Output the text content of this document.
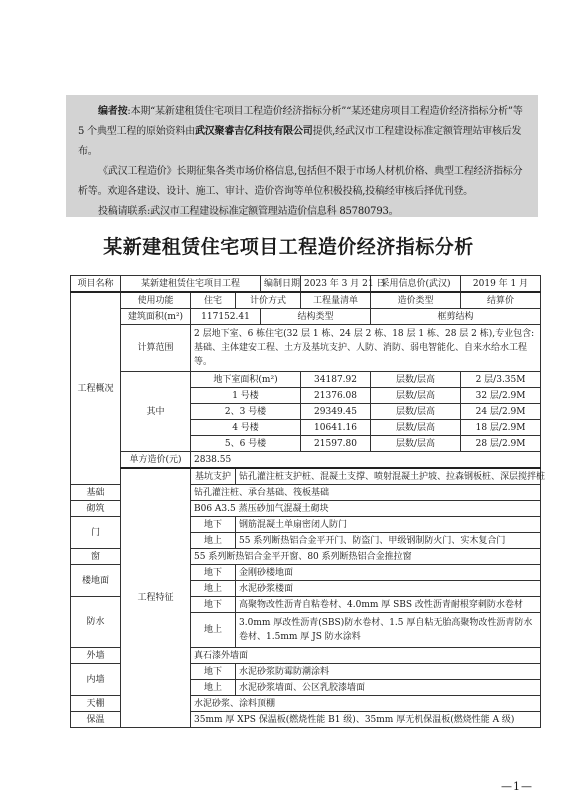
编者按:本期“某新建租赁住宅项目工程造价经济指标分析”“某还建房项目工程造价经济指标分析”等 5 个典型工程的原始资料由武汉聚睿吉亿科技有限公司提供,经武汉市工程建设标准定额管理站审核后发布。

《武汉工程造价》长期征集各类市场价格信息,包括但不限于市场人材机价格、典型工程经济指标分析等。欢迎各建设、设计、施工、审计、造价咨询等单位积极投稿,投稿经审核后择优刊登。

投稿请联系:武汉市工程建设标准定额管理站造价信息科 85780793。

某新建租赁住宅项目工程造价经济指标分析
项目名称	某新建租赁住宅项目工程			编制日期	2023 年 3 月 21 日	采用信息价(武汉)	2019 年 1 月
工程概况	使用功能	住宅	计价方式		工程量清单	造价类型	结算价
	建筑面积(m²)	117152.41		结构类型		框剪结构	
	计算范围	2 层地下室、6 栋住宅(32 层 1 栋、24 层 2 栋、18 层 1 栋、28 层 2 栋),专业包含:基础、主体建安工程、土方及基坑支护、人防、消防、弱电智能化、自来水给水工程等。					
	其中	地下室面积(m²)			34187.92	层数/层高	2 层/3.35M
		1 号楼			21376.08	层数/层高	32 层/2.9M
		2、3 号楼			29349.45	层数/层高	24 层/2.9M
		4 号楼			10641.16	层数/层高	18 层/2.9M
		5、6 号楼			21597.80	层数/层高	28 层/2.9M
	单方造价(元)	2838.55					
	工程特征	基坑支护	钻孔灌注桩支护桩、混凝土支撑、喷射混凝土护坡、拉森钢板桩、深层搅拌桩				
基础		钻孔灌注桩、承台基础、筏板基础					
砌筑		B06 A3.5 蒸压砂加气混凝土砌块					
门		地下	钢筋混凝土单扇密闭人防门				
		地上	55 系列断热铝合金平开门、防盗门、甲级钢制防火门、实木复合门				
窗		55 系列断热铝合金平开窗、80 系列断热铝合金推拉窗					
楼地面		地下	金刚砂楼地面				
		地上	水泥砂浆楼面				
防水		地下	高聚物改性沥青自粘卷材、4.0mm 厚 SBS 改性沥青耐根穿刺防水卷材				
		地上	3.0mm 厚改性沥青(SBS)防水卷材、1.5 厚自粘无胎高聚物改性沥青防水卷材、1.5mm 厚 JS 防水涂料				
外墙		真石漆外墙面					
内墙		地下	水泥砂浆防霉防潮涂料				
		地上	水泥砂浆墙面、公区乳胶漆墙面				
天棚		水泥砂浆、涂料顶棚					
保温		35mm 厚 XPS 保温板(燃烧性能 B1 级)、35mm 厚无机保温板(燃烧性能 A 级)					
—1—
